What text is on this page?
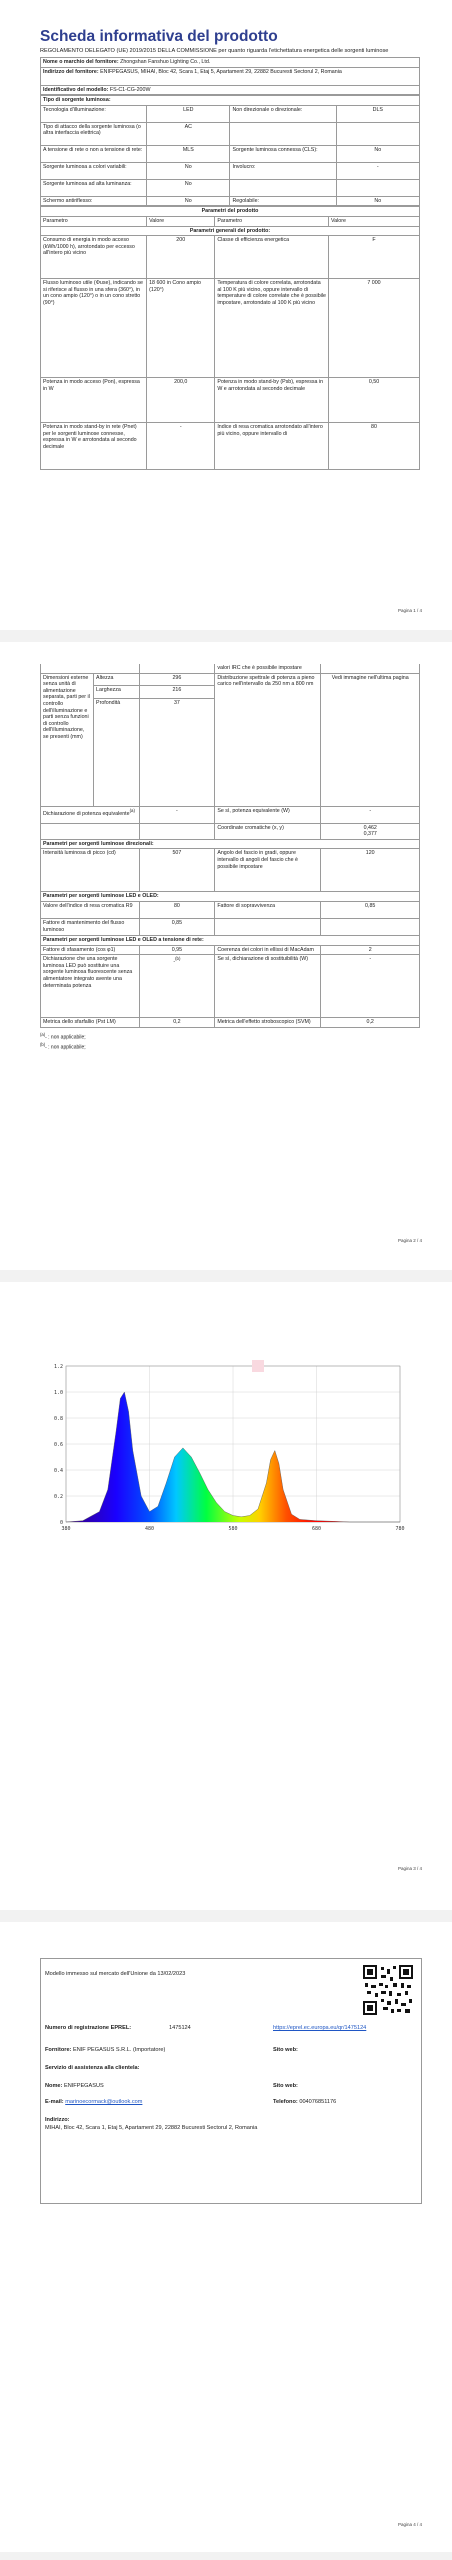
Scheda informativa del prodotto
REGOLAMENTO DELEGATO (UE) 2019/2015 DELLA COMMISSIONE per quanto riguarda l'etichettatura energetica delle sorgenti luminose
Nome o marchio del fornitore: Zhongshan Fanshuo Lighting Co., Ltd.
Indirizzo del fornitore: ENIFPEGASUS, MIHAI, Bloc 42, Scara 1, Etaj 5, Apartament 29, 22882 Bucuresti Sectorul 2, Romania
Identificativo del modello: FS-C1-CG-200W
Tipo di sorgente luminosa:			
Tecnologia d'illuminazione:	LED	Non direzionale o direzionale:	DLS
Tipo di attacco della sorgente luminosa (o altra interfaccia elettrica)	AC		
A tensione di rete o non a tensione di rete:	MLS	Sorgente luminosa connessa (CLS):	No
Sorgente luminosa a colori variabili:	No	Involucro:	-
Sorgente luminosa ad alta luminanza:	No		
Schermo antiriflesso:	No	Regolabile:	No
Parametri del prodotto			
Parametro	Valore	Parametro	Valore
Parametri generali del prodotto:			
Consumo di energia in modo acceso (kWh/1000 h), arrotondato per eccesso all'intero più vicino	200	Classe di efficienza energetica	F
Flusso luminoso utile (Φuse), indicando se si riferisce al flusso in una sfera (360°), in un cono ampio (120°) o in un cono stretto (90°)	18 600 in Cono ampio (120°)	Temperatura di colore correlata, arrotondata al 100 K più vicino, oppure intervallo di temperature di colore correlate che è possibile impostare, arrotondato al 100 K più vicino	7 000
Potenza in modo acceso (Pon), espressa in W	200,0	Potenza in modo stand-by (Psb), espressa in W e arrotondata al secondo decimale	0,50
Potenza in modo stand-by in rete (Pnet) per le sorgenti luminose connesse, espressa in W e arrotondata al secondo decimale	-	Indice di resa cromatica arrotondato all'intero più vicino, oppure intervallo di	80
Pagina 1 / 4
			valori IRC che è possibile impostare	
Dimensioni esterne senza unità di alimentazione separata, parti per il controllo dell'illuminazione e parti senza funzioni di controllo dell'illuminazione, se presenti (mm)	Altezza	296	Distribuzione spettrale di potenza a pieno carico nell'intervallo da 250 nm a 800 nm	Vedi immagine nell'ultima pagina
	Larghezza	216		
	Profondità	37		
Dichiarazione di potenza equivalente$^{(a)}$		-	Se sì, potenza equivalente (W)	-
			Coordinate cromatiche (x, y)	0,462
0,377

Parametri per sorgenti luminose direzionali:				
Intensità luminosa di picco (cd)		507	Angolo del fascio in gradi, oppure intervallo di angoli del fascio che è possibile impostare	120
Parametri per sorgenti luminose LED e OLED:				
Valore dell'indice di resa cromatica R9		80	Fattore di sopravvivenza	0,85
Fattore di mantenimento del flusso luminoso		0,85		
Parametri per sorgenti luminose LED e OLED a tensione di rete:				
Fattore di sfasamento (cos φ1)		0,95	Coerenza dei colori in ellissi di MacAdam	2
Dichiarazione che una sorgente luminosa LED può sostituire una sorgente luminosa fluorescente senza alimentatore integrato avente una determinata potenza		-$^{(b)}$	Se sì, dichiarazione di sostituibilità (W)	-
Metrica dello sfarfallio (Pst LM)		0,2	Metrica dell'effetto stroboscopico (SVM)	0,2
$^{(a)}$- : non applicabile;
$^{(b)}$- : non applicabile;
Pagina 2 / 4
0
0.2
0.4
0.6
0.8
1.0
1.2
380	480	580	680	780
Pagina 3 / 4
Modello immesso sul mercato dell'Unione da 13/02/2023
Numero di registrazione EPREL:	1475124	https://eprel.ec.europa.eu/qr/1475124
Fornitore: ENIF PEGASUS S.R.L. (Importatore)	Sito web:
Servizio di assistenza alla clientela:
Nome: ENIFPEGASUS	Sito web:
E-mail: marinoecormack@outlook.com	Telefono: 004076851176
Indirizzo:
MIHAI, Bloc 42, Scara 1, Etaj 5, Apartament 29, 22882 Bucuresti Sectorul 2, Romania
Pagina 4 / 4
